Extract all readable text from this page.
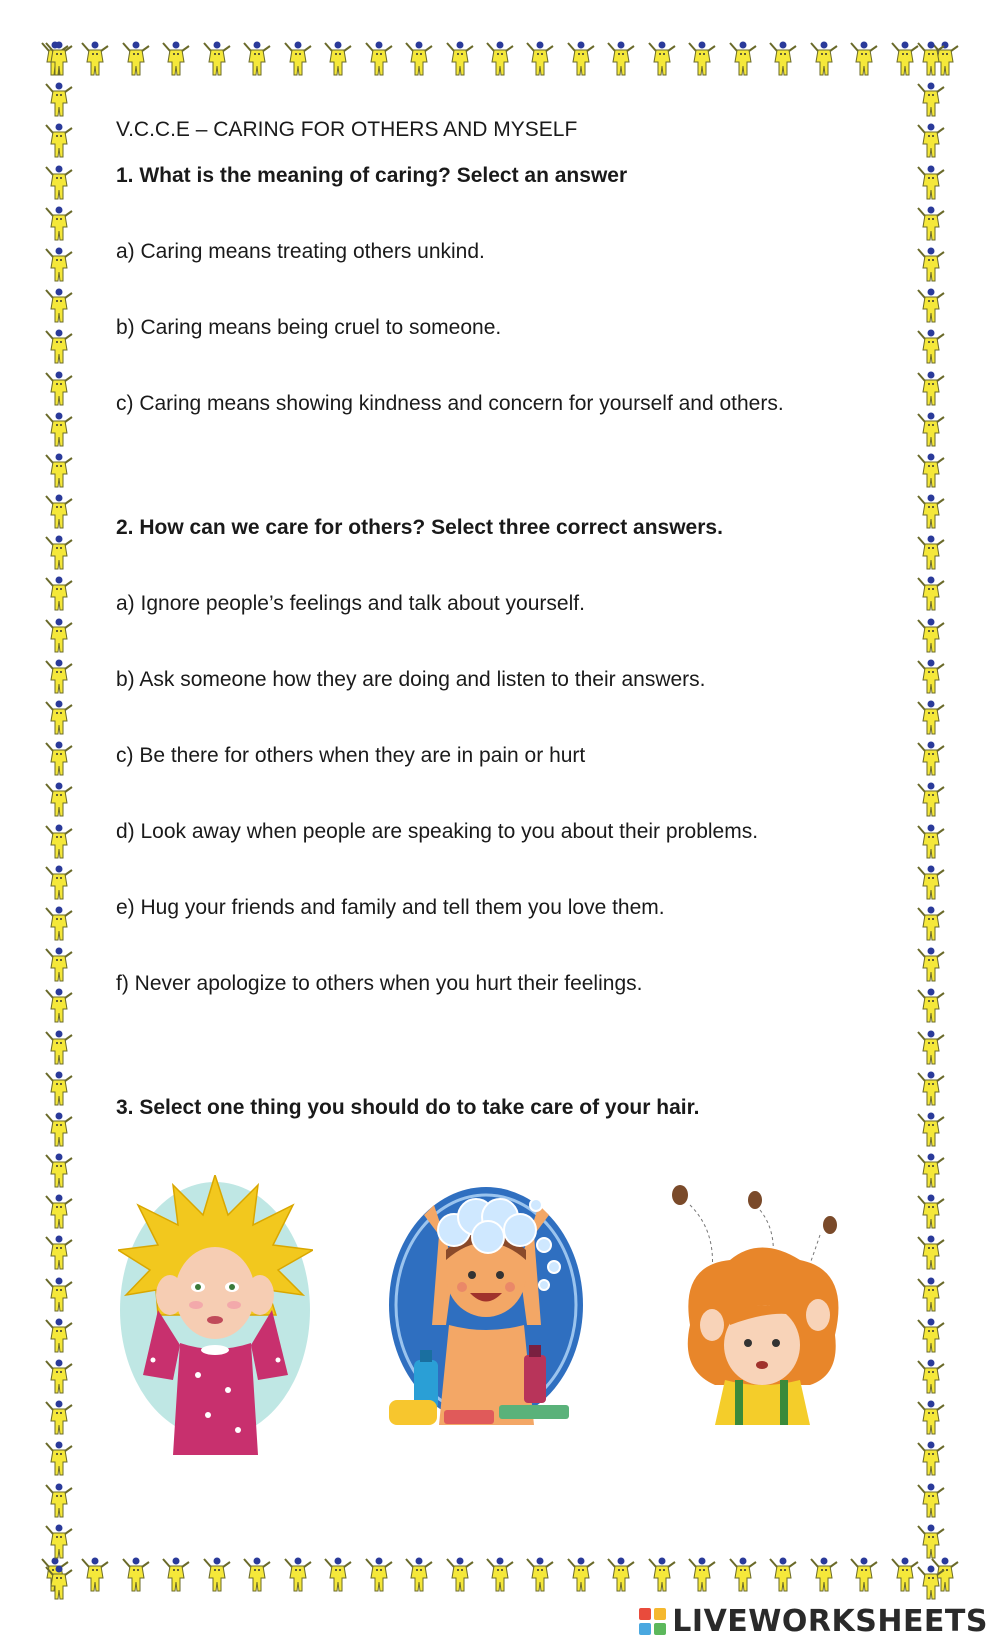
V.C.C.E – CARING FOR OTHERS AND MYSELF
1. What is the meaning of caring? Select an answer
a) Caring means treating others unkind.
b) Caring means being cruel to someone.
c) Caring means showing kindness and concern for yourself and others.
2. How can we care for others? Select three correct answers.
a) Ignore people’s feelings and talk about yourself.
b) Ask someone how they are doing and listen to their answers.
c) Be there for others when they are in pain or hurt
d) Look away when people are speaking to you about their problems.
e) Hug your friends and family and tell them you love them.
f) Never apologize to others when you hurt their feelings.
3. Select one thing you should do to take care of your hair.
LIVEWORKSHEETS
